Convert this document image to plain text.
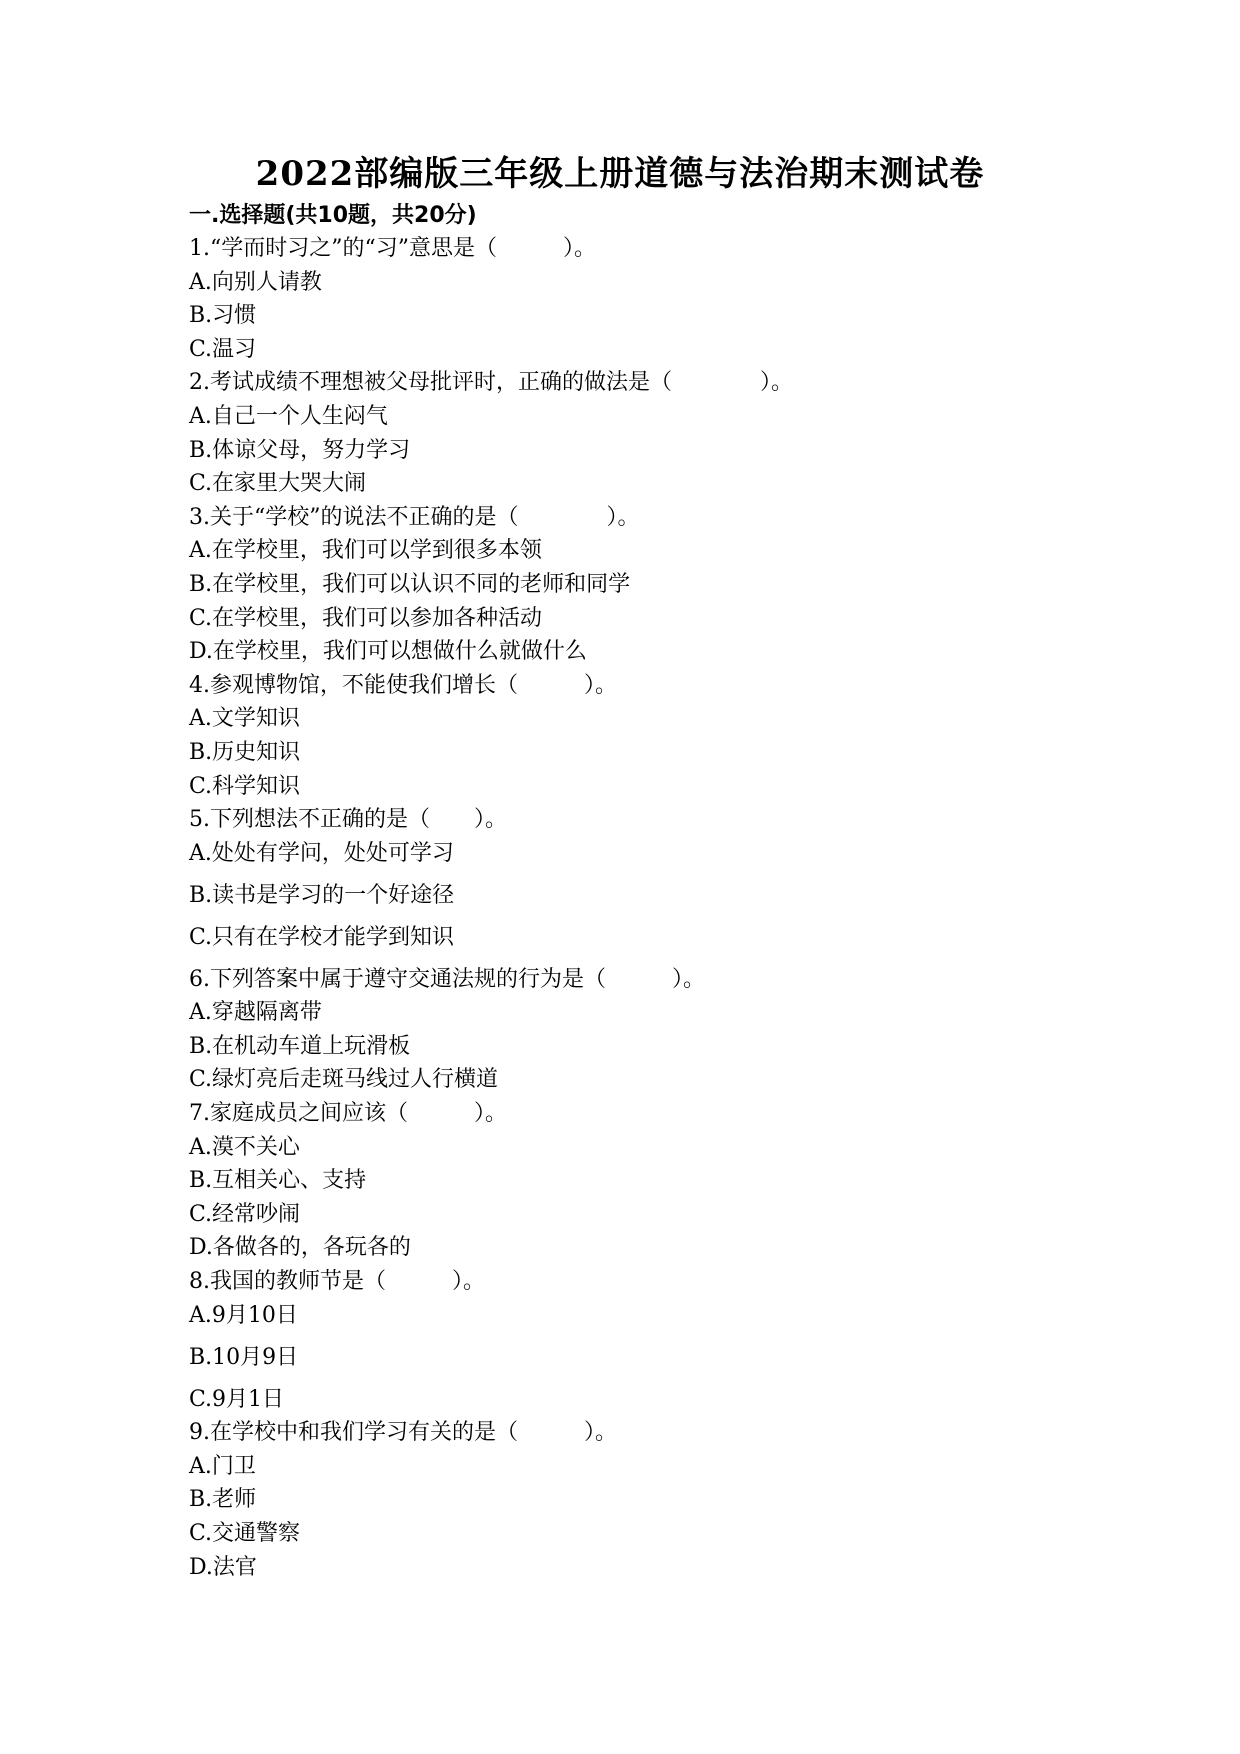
2022部编版三年级上册道德与法治期末测试卷
一.选择题(共10题，共20分)
1.“学而时习之”的“习”意思是（　　　）。
A.向别人请教
B.习惯
C.温习
2.考试成绩不理想被父母批评时，正确的做法是（　　　　）。
A.自己一个人生闷气
B.体谅父母，努力学习
C.在家里大哭大闹
3.关于“学校”的说法不正确的是（　　　　）。
A.在学校里，我们可以学到很多本领
B.在学校里，我们可以认识不同的老师和同学
C.在学校里，我们可以参加各种活动
D.在学校里，我们可以想做什么就做什么
4.参观博物馆，不能使我们增长（　　　）。
A.文学知识
B.历史知识
C.科学知识
5.下列想法不正确的是（　　）。
A.处处有学问，处处可学习
B.读书是学习的一个好途径
C.只有在学校才能学到知识
6.下列答案中属于遵守交通法规的行为是（　　　）。
A.穿越隔离带
B.在机动车道上玩滑板
C.绿灯亮后走斑马线过人行横道
7.家庭成员之间应该（　　　）。
A.漠不关心
B.互相关心、支持
C.经常吵闹
D.各做各的，各玩各的
8.我国的教师节是（　　　）。
A.9月10日
B.10月9日
C.9月1日
9.在学校中和我们学习有关的是（　　　）。
A.门卫
B.老师
C.交通警察
D.法官
